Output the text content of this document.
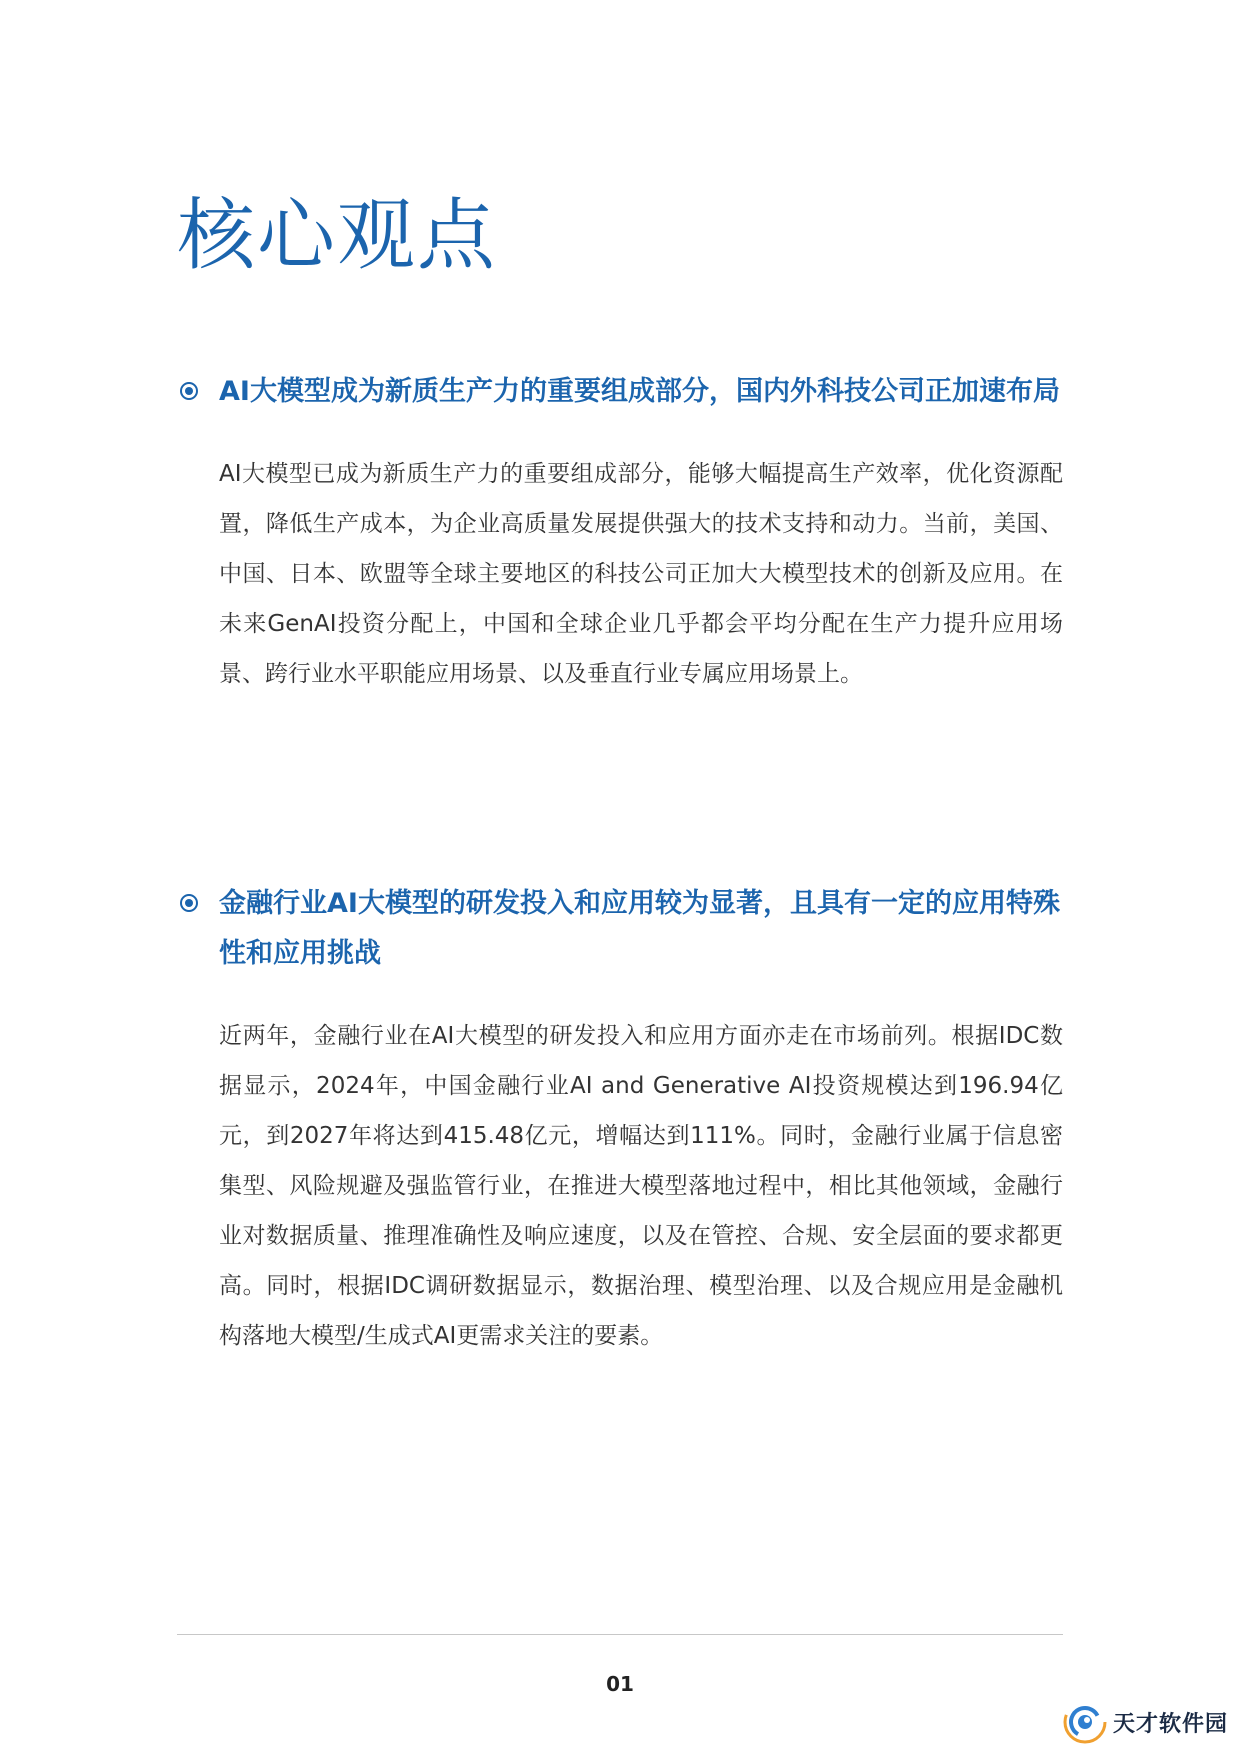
核心观点
AI大模型成为新质生产力的重要组成部分，国内外科技公司正加速布局

AI大模型已成为新质生产力的重要组成部分，能够大幅提高生产效率，优化资源配置，降低生产成本，为企业高质量发展提供强大的技术支持和动力。当前，美国、中国、日本、欧盟等全球主要地区的科技公司正加大大模型技术的创新及应用。在未来GenAI投资分配上，中国和全球企业几乎都会平均分配在生产力提升应用场景、跨行业水平职能应用场景、以及垂直行业专属应用场景上。

金融行业AI大模型的研发投入和应用较为显著，且具有一定的应用特殊性和应用挑战

近两年，金融行业在AI大模型的研发投入和应用方面亦走在市场前列。根据IDC数据显示，2024年，中国金融行业AI and Generative AI投资规模达到196.94亿元，到2027年将达到415.48亿元，增幅达到111%。同时，金融行业属于信息密集型、风险规避及强监管行业，在推进大模型落地过程中，相比其他领域，金融行业对数据质量、推理准确性及响应速度，以及在管控、合规、安全层面的要求都更高。同时，根据IDC调研数据显示，数据治理、模型治理、以及合规应用是金融机构落地大模型/生成式AI更需求关注的要素。

01
天才软件园
